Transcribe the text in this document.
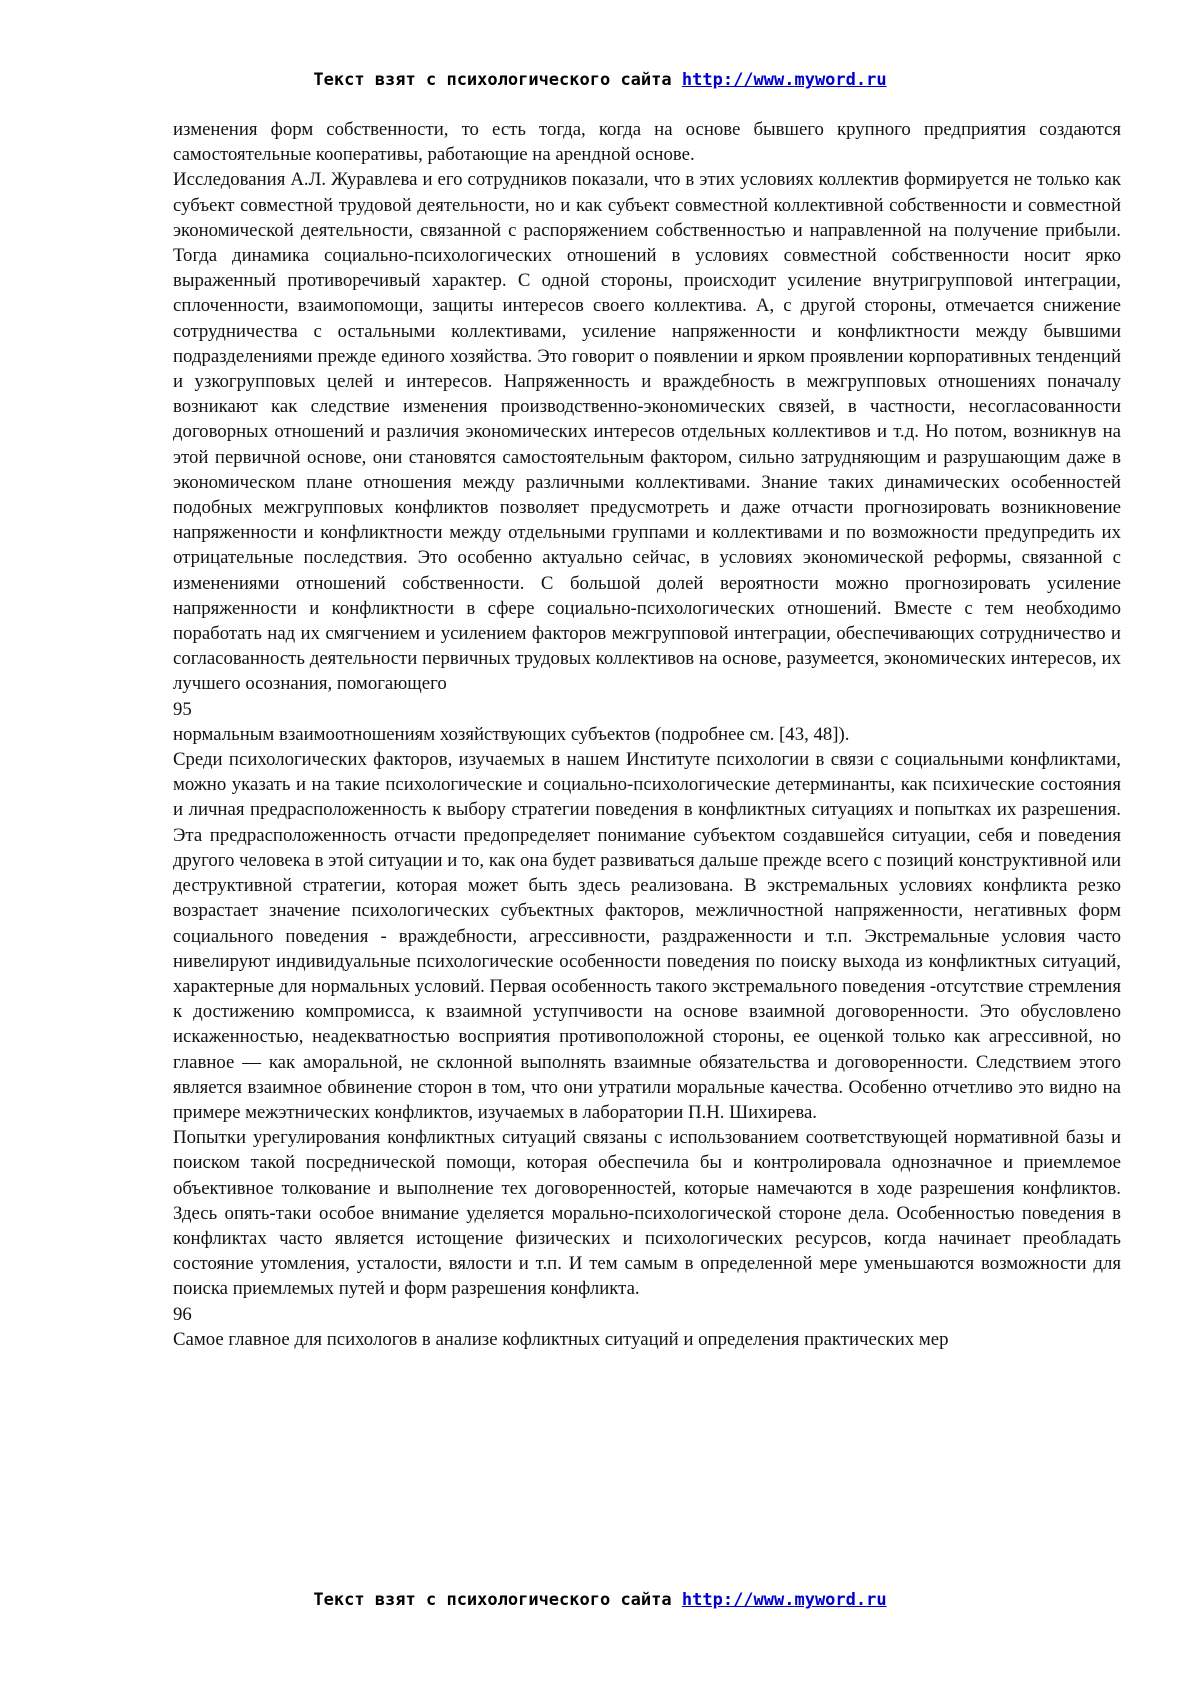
Текст взят с психологического сайта http://www.myword.ru

изменения форм собственности, то есть тогда, когда на основе бывшего крупного предприятия создаются самостоятельные кооперативы, работающие на арендной основе.

Исследования А.Л. Журавлева и его сотрудников показали, что в этих условиях коллектив формируется не только как субъект совместной трудовой деятельности, но и как субъект совместной коллективной собственности и совместной экономической деятельности, связанной с распоряжением собственностью и направленной на получение прибыли. Тогда динамика социально-психологических отношений в условиях совместной собственности носит ярко выраженный противоречивый характер. С одной стороны, происходит усиление внутригрупповой интеграции, сплоченности, взаимопомощи, защиты интересов своего коллектива. А, с другой стороны, отмечается снижение сотрудничества с остальными коллективами, усиление напряженности и конфликтности между бывшими подразделениями прежде единого хозяйства. Это говорит о появлении и ярком проявлении корпоративных тенденций и узкогрупповых целей и интересов. Напряженность и враждебность в межгрупповых отношениях поначалу возникают как следствие изменения производственно-экономических связей, в частности, несогласованности договорных отношений и различия экономических интересов отдельных коллективов и т.д. Но потом, возникнув на этой первичной основе, они становятся самостоятельным фактором, сильно затрудняющим и разрушающим даже в экономическом плане отношения между различными коллективами. Знание таких динамических особенностей подобных межгрупповых конфликтов позволяет предусмотреть и даже отчасти прогнозировать возникновение напряженности и конфликтности между отдельными группами и коллективами и по возможности предупредить их отрицательные последствия. Это особенно актуально сейчас, в условиях экономической реформы, связанной с изменениями отношений собственности. С большой долей вероятности можно прогнозировать усиление напряженности и конфликтности в сфере социально-психологических отношений. Вместе с тем необходимо поработать над их смягчением и усилением факторов межгрупповой интеграции, обеспечивающих сотрудничество и согласованность деятельности первичных трудовых коллективов на основе, разумеется, экономических интересов, их лучшего осознания, помогающего

95

нормальным взаимоотношениям хозяйствующих субъектов (подробнее см. [43, 48]).

Среди психологических факторов, изучаемых в нашем Институте психологии в связи с социальными конфликтами, можно указать и на такие психологические и социально-психологические детерминанты, как психические состояния и личная предрасположенность к выбору стратегии поведения в конфликтных ситуациях и попытках их разрешения. Эта предрасположенность отчасти предопределяет понимание субъектом создавшейся ситуации, себя и поведения другого человека в этой ситуации и то, как она будет развиваться дальше прежде всего с позиций конструктивной или деструктивной стратегии, которая может быть здесь реализована. В экстремальных условиях конфликта резко возрастает значение психологических субъектных факторов, межличностной напряженности, негативных форм социального поведения - враждебности, агрессивности, раздраженности и т.п. Экстремальные условия часто нивелируют индивидуальные психологические особенности поведения по поиску выхода из конфликтных ситуаций, характерные для нормальных условий. Первая особенность такого экстремального поведения -отсутствие стремления к достижению компромисса, к взаимной уступчивости на основе взаимной договоренности. Это обусловлено искаженностью, неадекватностью восприятия противоположной стороны, ее оценкой только как агрессивной, но главное — как аморальной, не склонной выполнять взаимные обязательства и договоренности. Следствием этого является взаимное обвинение сторон в том, что они утратили моральные качества. Особенно отчетливо это видно на примере межэтнических конфликтов, изучаемых в лаборатории П.Н. Шихирева.

Попытки урегулирования конфликтных ситуаций связаны с использованием соответствующей нормативной базы и поиском такой посреднической помощи, которая обеспечила бы и контролировала однозначное и приемлемое объективное толкование и выполнение тех договоренностей, которые намечаются в ходе разрешения конфликтов. Здесь опять-таки особое внимание уделяется морально-психологической стороне дела. Особенностью поведения в конфликтах часто является истощение физических и психологических ресурсов, когда начинает преобладать состояние утомления, усталости, вялости и т.п. И тем самым в определенной мере уменьшаются возможности для поиска приемлемых путей и форм разрешения конфликта.

96

Самое главное для психологов в анализе кофликтных ситуаций и определения практических мер

Текст взят с психологического сайта http://www.myword.ru
